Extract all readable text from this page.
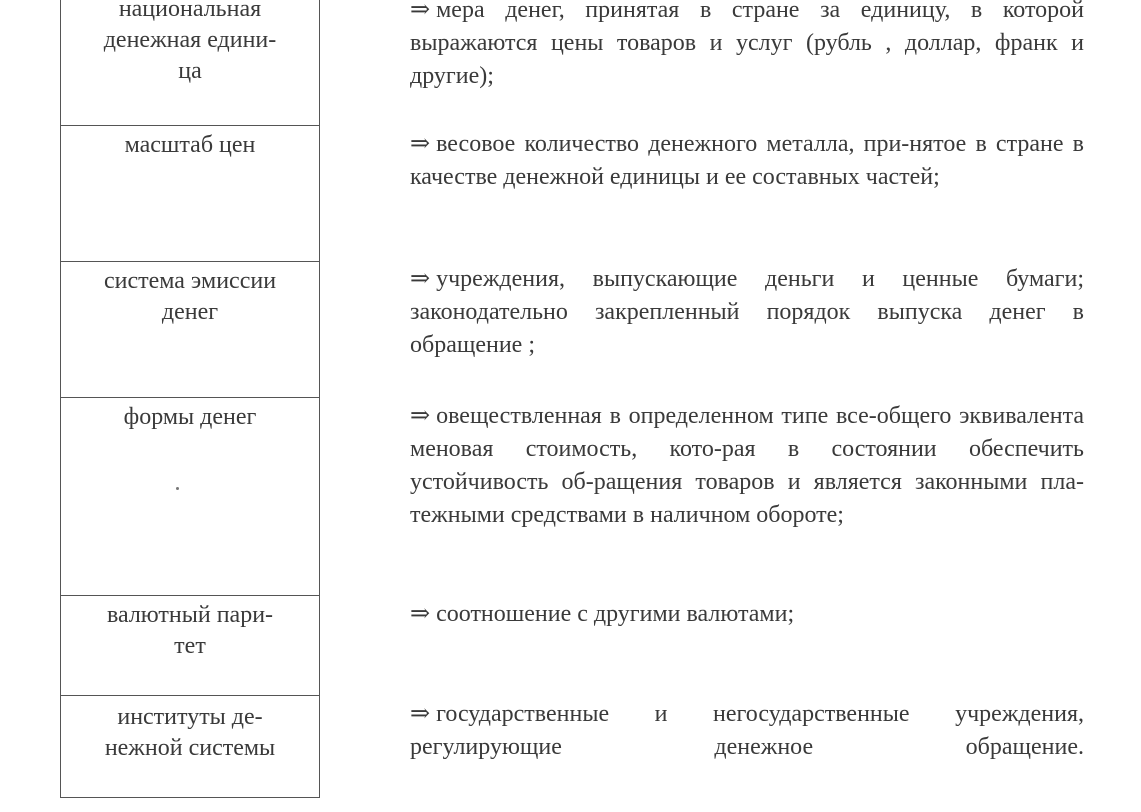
национальная
денежная едини-
ца
масштаб цен
система эмиссии
денег
формы денег
валютный пари-
тет
институты де-
нежной системы
⇒ мера денег, принятая в стране за единицу, в которой выражаются цены товаров и услуг (рубль , доллар, франк и другие);
⇒ весовое количество денежного металла, при-нятое в стране в качестве денежной единицы и ее составных частей;
⇒ учреждения, выпускающие деньги и ценные бумаги; законодательно закрепленный порядок выпуска денег в обращение ;
⇒ овеществленная в определенном типе все-общего эквивалента меновая стоимость, кото-рая в состоянии обеспечить устойчивость об-ращения товаров и является законными пла-тежными средствами в наличном обороте;
⇒ соотношение с другими валютами;
⇒ государственные и негосударственные учреждения, регулирующие денежное обращение.
